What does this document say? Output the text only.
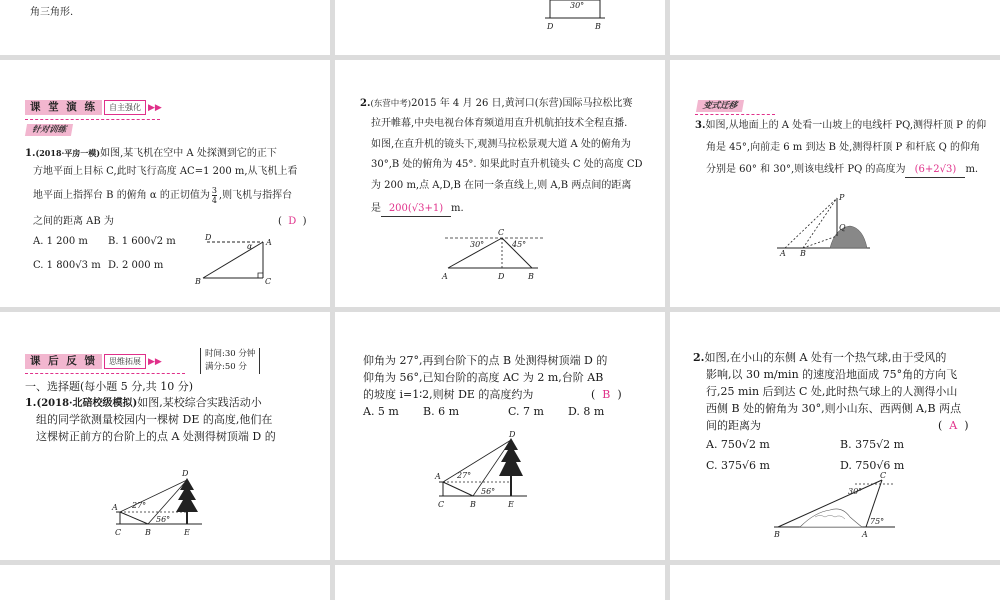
角三角形.
30°
D	B
课 堂 演 练	自主强化 ▶▶
针对训练
1.(2018·平房一模)如图,某飞机在空中 A 处探测到它的正下
方地平面上目标 C,此时飞行高度 AC=1 200 m,从飞机上看
地平面上指挥台 B 的俯角 α 的正切值为 $\frac{3}{4}$ ,则飞机与指挥台
之间的距离 AB 为	( D )
A. 1 200 m B. 1 600√2 m
C. 1 800√3 m D. 2 000 m
D
A
α
B	C
2.(东营中考)2015 年 4 月 26 日,黄河口(东营)国际马拉松比赛
拉开帷幕,中央电视台体育频道用直升机航拍技术全程直播.
如图,在直升机的镜头下,观测马拉松景观大道 A 处的俯角为
30°,B 处的俯角为 45°. 如果此时直升机镜头 C 处的高度 CD
为 200 m,点 A,D,B 在同一条直线上,则 A,B 两点间的距离
是 200(√3+1) m.
C
30°	45°
A	D	B
变式迁移
3.如图,从地面上的 A 处看一山坡上的电线杆 PQ,测得杆顶 P 的仰
角是 45°,向前走 6 m 到达 B 处,测得杆顶 P 和杆底 Q 的仰角
分别是 60° 和 30°,则该电线杆 PQ 的高度为 (6+2√3) m.
P
Q
A B
课 后 反 馈	思维拓展 ▶▶
时间:30 分钟
满分:50 分
一、选择题(每小题 5 分,共 10 分)
1.(2018·北碚校级模拟)如图,某校综合实践活动小
组的同学欲测量校园内一棵树 DE 的高度,他们在
这棵树正前方的台阶上的点 A 处测得树顶端 D 的
A 27°
56°
D
C	B	E
仰角为 27°,再到台阶下的点 B 处测得树顶端 D 的
仰角为 56°,已知台阶的高度 AC 为 2 m,台阶 AB
的坡度 i=1∶2,则树 DE 的高度约为	( B )
A. 5 m B. 6 m	C. 7 m D. 8 m
D
A 27°
56°
C	B	E
2.如图,在小山的东侧 A 处有一个热气球,由于受风的
影响,以 30 m/min 的速度沿地面成 75°角的方向飞
行,25 min 后到达 C 处,此时热气球上的人测得小山
西侧 B 处的俯角为 30°,则小山东、西两侧 A,B 两点
间的距离为	( A )
A. 750√2 m	B. 375√2 m
C. 375√6 m	D. 750√6 m
C
30°
75°
B	A
